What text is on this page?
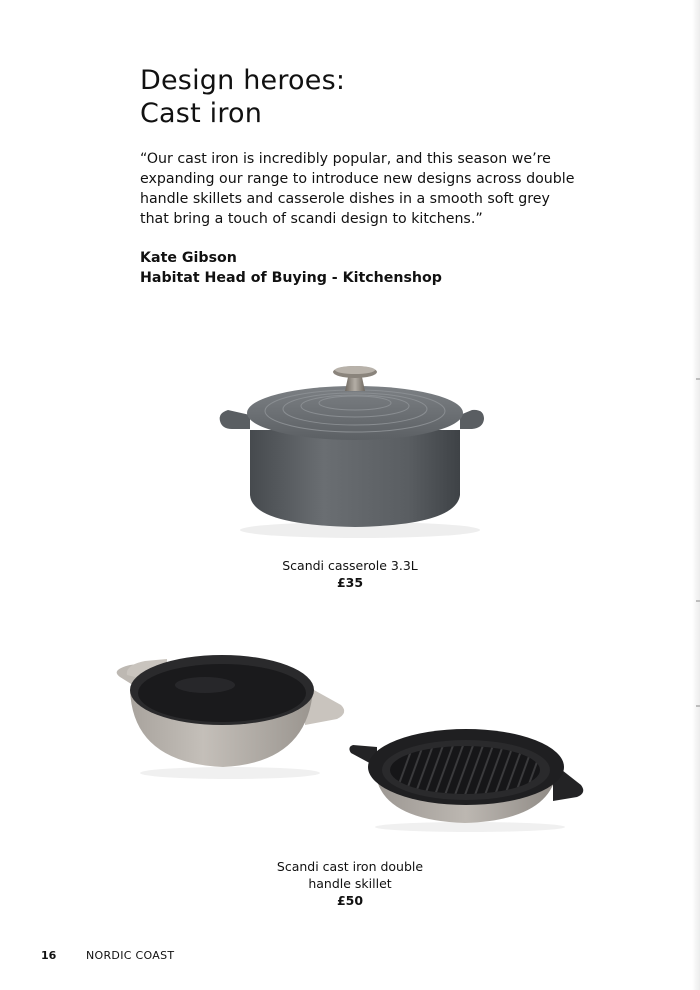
Design heroes:
Cast iron

“Our cast iron is incredibly popular, and this season we’re expanding our range to introduce new designs across double handle skillets and casserole dishes in a smooth soft grey that bring a touch of scandi design to kitchens.”

Kate Gibson
Habitat Head of Buying - Kitchenshop
Scandi casserole 3.3L
£35
Scandi cast iron double
handle skillet
£50
16	NORDIC COAST
